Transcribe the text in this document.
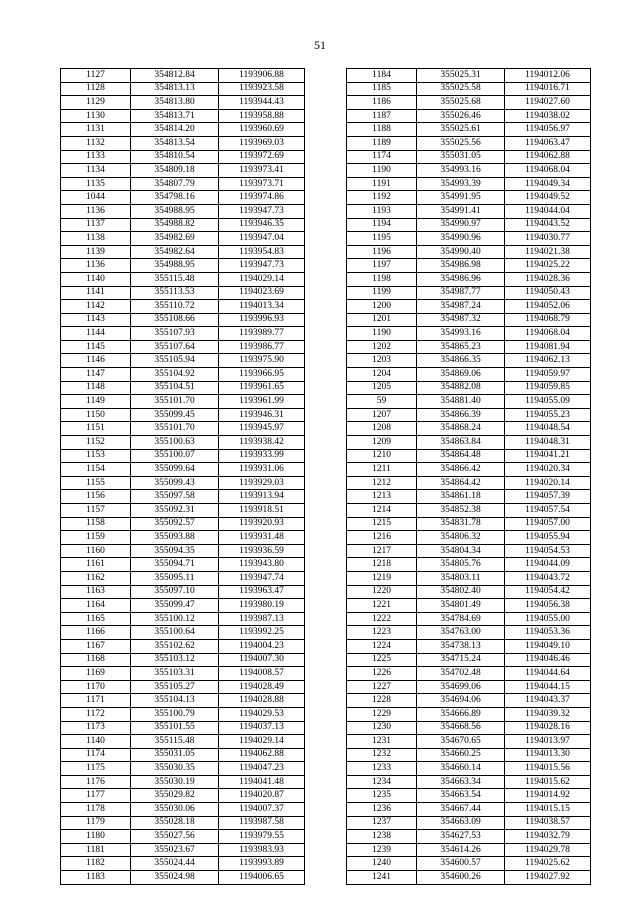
51
1127	354812.84	1193906.88
1128	354813.13	1193923.58
1129	354813.80	1193944.43
1130	354813.71	1193958.88
1131	354814.20	1193960.69
1132	354813.54	1193969.03
1133	354810.54	1193972.69
1134	354809.18	1193973.41
1135	354807.79	1193973.71
1044	354798.16	1193974.86
1136	354988.95	1193947.73
1137	354988.82	1193946.35
1138	354982.69	1193947.04
1139	354982.64	1193954.83
1136	354988.95	1193947.73
1140	355115.48	1194029.14
1141	355113.53	1194023.69
1142	355110.72	1194013.34
1143	355108.66	1193996.93
1144	355107.93	1193989.77
1145	355107.64	1193986.77
1146	355105.94	1193975.90
1147	355104.92	1193966.95
1148	355104.51	1193961.65
1149	355101.70	1193961.99
1150	355099.45	1193946.31
1151	355101.70	1193945.97
1152	355100.63	1193938.42
1153	355100.07	1193933.99
1154	355099.64	1193931.06
1155	355099.43	1193929.03
1156	355097.58	1193913.94
1157	355092.31	1193918.51
1158	355092.57	1193920.93
1159	355093.88	1193931.48
1160	355094.35	1193936.59
1161	355094.71	1193943.80
1162	355095.11	1193947.74
1163	355097.10	1193963.47
1164	355099.47	1193980.19
1165	355100.12	1193987.13
1166	355100.64	1193992.25
1167	355102.62	1194004.23
1168	355103.12	1194007.30
1169	355103.31	1194008.57
1170	355105.27	1194028.49
1171	355104.13	1194028.88
1172	355100.79	1194029.53
1173	355101.55	1194037.13
1140	355115.48	1194029.14
1174	355031.05	1194062.88
1175	355030.35	1194047.23
1176	355030.19	1194041.48
1177	355029.82	1194020.87
1178	355030.06	1194007.37
1179	355028.18	1193987.58
1180	355027.56	1193979.55
1181	355023.67	1193983.93
1182	355024.44	1193993.89
1183	355024.98	1194006.65
1184	355025.31	1194012.06
1185	355025.58	1194016.71
1186	355025.68	1194027.60
1187	355026.46	1194038.02
1188	355025.61	1194056.97
1189	355025.56	1194063.47
1174	355031.05	1194062.88
1190	354993.16	1194068.04
1191	354993.39	1194049.34
1192	354991.95	1194049.52
1193	354991.41	1194044.04
1194	354990.97	1194043.52
1195	354990.96	1194030.77
1196	354990.40	1194021.38
1197	354986.98	1194025.22
1198	354986.96	1194028.36
1199	354987.77	1194050.43
1200	354987.24	1194052.06
1201	354987.32	1194068.79
1190	354993.16	1194068.04
1202	354865.23	1194081.94
1203	354866.35	1194062.13
1204	354869.06	1194059.97
1205	354882.08	1194059.85
59	354881.40	1194055.09
1207	354866.39	1194055.23
1208	354868.24	1194048.54
1209	354863.84	1194048.31
1210	354864.48	1194041.21
1211	354866.42	1194020.34
1212	354864.42	1194020.14
1213	354861.18	1194057.39
1214	354852.38	1194057.54
1215	354831.78	1194057.00
1216	354806.32	1194055.94
1217	354804.34	1194054.53
1218	354805.76	1194044.09
1219	354803.11	1194043.72
1220	354802.40	1194054.42
1221	354801.49	1194056.38
1222	354784.69	1194055.00
1223	354763.00	1194053.36
1224	354738.13	1194049.10
1225	354715.24	1194046.46
1226	354702.48	1194044.64
1227	354699.06	1194044.15
1228	354694.06	1194043.37
1229	354666.89	1194039.32
1230	354668.56	1194028.16
1231	354670.65	1194013.97
1232	354660.25	1194013.30
1233	354660.14	1194015.56
1234	354663.34	1194015.62
1235	354663.54	1194014.92
1236	354667.44	1194015.15
1237	354663.09	1194038.57
1238	354627.53	1194032.79
1239	354614.26	1194029.78
1240	354600.57	1194025.62
1241	354600.26	1194027.92
